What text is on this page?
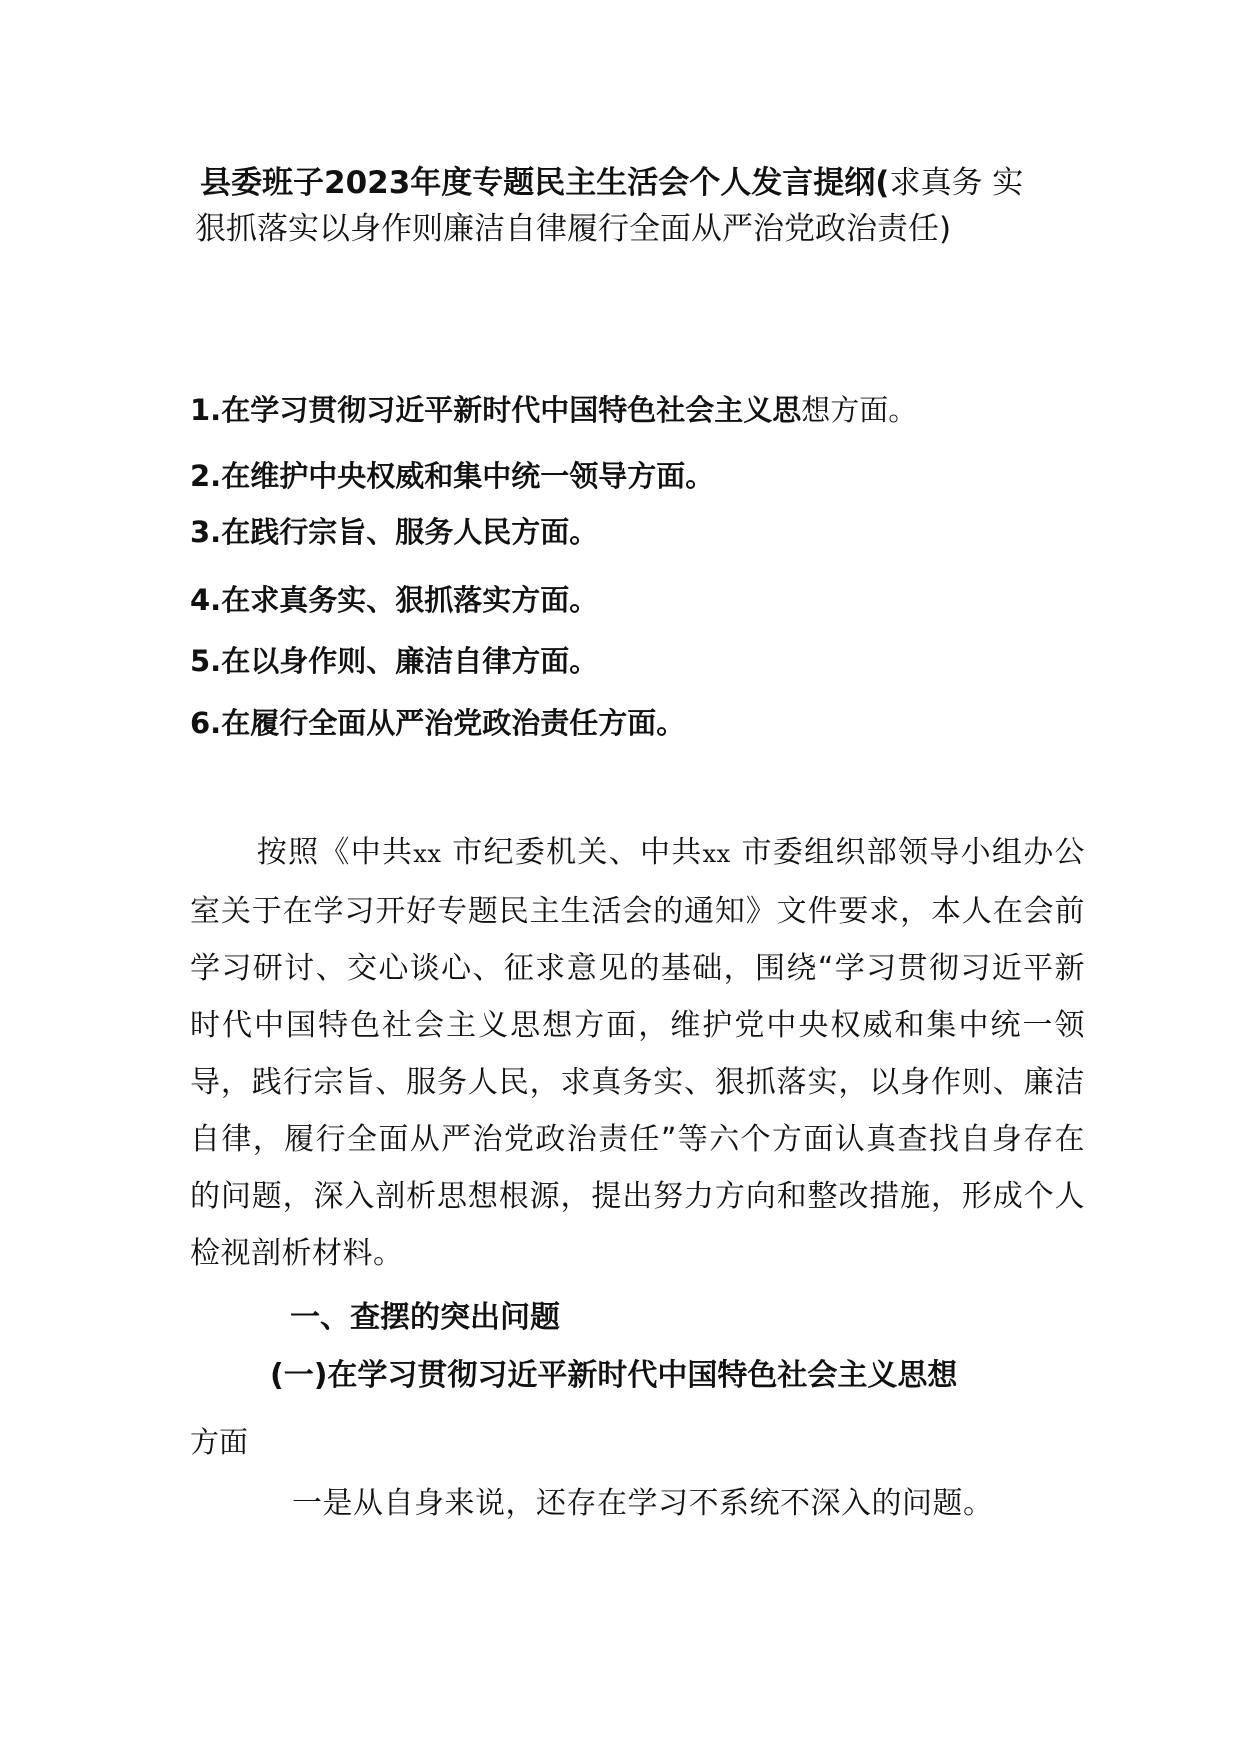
县委班子2023年度专题民主生活会个人发言提纲(求真务 实狠抓落实以身作则廉洁自律履行全面从严治党政治责任)

1.在学习贯彻习近平新时代中国特色社会主义思想方面。

2.在维护中央权威和集中统一领导方面。

3.在践行宗旨、服务人民方面。

4.在求真务实、狠抓落实方面。

5.在以身作则、廉洁自律方面。

6.在履行全面从严治党政治责任方面。

按照《中共xx 市纪委机关、中共xx 市委组织部领导小组办公室关于在学习开好专题民主生活会的通知》文件要求，本人在会前学习研讨、交心谈心、征求意见的基础，围绕“学习贯彻习近平新时代中国特色社会主义思想方面，维护党中央权威和集中统一领导，践行宗旨、服务人民，求真务实、狠抓落实，以身作则、廉洁自律，履行全面从严治党政治责任”等六个方面认真查找自身存在的问题，深入剖析思想根源，提出努力方向和整改措施，形成个人检视剖析材料。

一、查摆的突出问题
(一)在学习贯彻习近平新时代中国特色社会主义思想

方面

一是从自身来说，还存在学习不系统不深入的问题。
